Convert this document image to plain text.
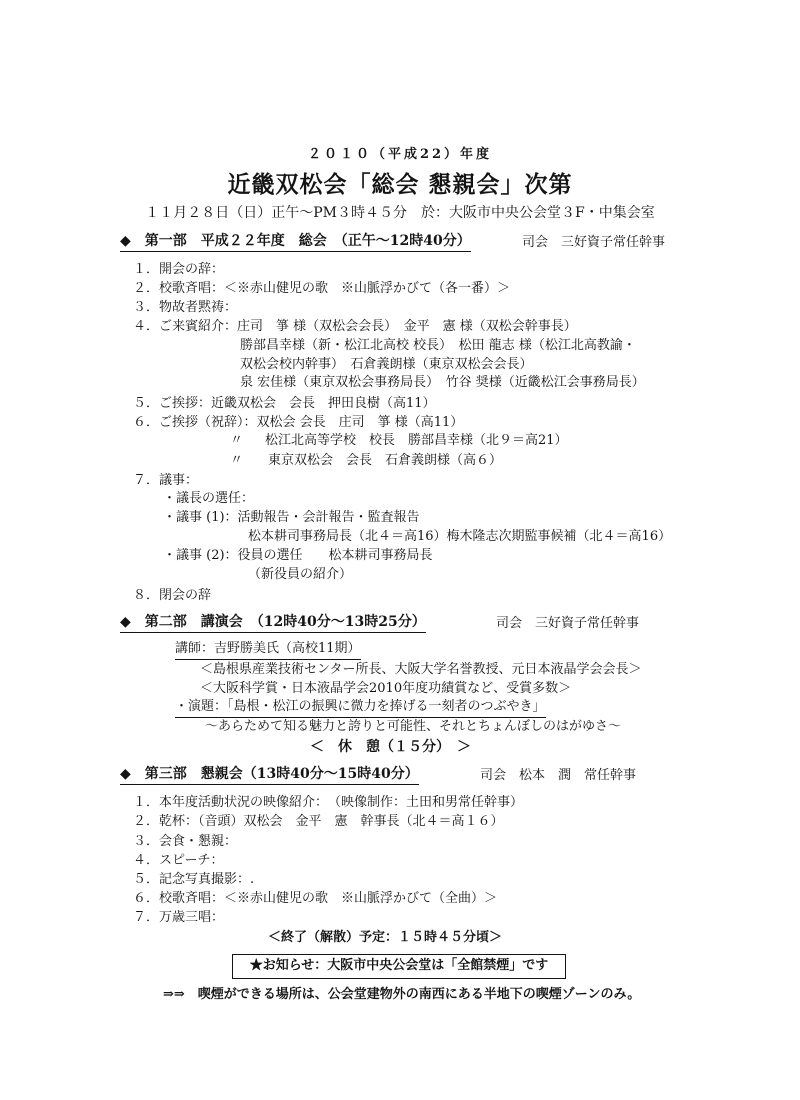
２０１０（平成22）年度
近畿双松会「総会 懇親会」次第
１１月２８日（日）正午～PM３時４５分　於：大阪市中央公会堂３F・中集会室
◆　第一部　平成２２年度　総会　（正午～12時40分）	司会　三好資子常任幹事
１．開会の辞：
２．校歌斉唱：＜※赤山健児の歌　※山脈浮かびて（各一番）＞
３．物故者黙祷：
４．ご来賓紹介：庄司　箏 様（双松会会長）　金平　憲 様（双松会幹事長）
勝部昌幸様（新・松江北高校 校長）　松田 龍志 様（松江北高教諭・
双松会校内幹事）　石倉義朗様（東京双松会会長）
泉 宏佳様（東京双松会事務局長）　竹谷 奨様（近畿松江会事務局長）
５．ご挨拶：近畿双松会　会長　押田良樹（高11）
６．ご挨拶（祝辞）：双松会 会長　庄司　箏 様（高11）
〃 松江北高等学校　校長　勝部昌幸様（北９＝高21）
〃 東京双松会　会長　石倉義朗様（高６）
７．議事：
・議長の選任：
・議事 (1)：活動報告・会計報告・監査報告
松本耕司事務局長（北４＝高16）梅木隆志次期監事候補（北４＝高16）
・議事 (2)：役員の選任　　松本耕司事務局長
（新役員の紹介）
８．閉会の辞
◆　第二部　講演会　（12時40分～13時25分）	司会　三好資子常任幹事
講師：吉野勝美氏（高校11期）
＜島根県産業技術センター所長、大阪大学名誉教授、元日本液晶学会会長＞
＜大阪科学賞・日本液晶学会2010年度功績賞など、受賞多数＞
・演題：「島根・松江の振興に微力を捧げる一刻者のつぶやき」
～あらためて知る魅力と誇りと可能性、それとちょんぼしのはがゆさ～
＜　休　憩（１５分）　＞
◆　第三部　懇親会（13時40分～15時40分）	司会　松本　潤　常任幹事
１．本年度活動状況の映像紹介：　（映像制作：土田和男常任幹事）
２．乾杯：（音頭）双松会　金平　憲　幹事長（北４＝高１６）
３．会食・懇親：
４．スピーチ：
５．記念写真撮影：.
６．校歌斉唱：＜※赤山健児の歌　※山脈浮かびて（全曲）＞
７．万歳三唱：
＜終了（解散）予定：１５時４５分頃＞
★お知らせ：大阪市中央公会堂は「全館禁煙」です
⇒⇒　喫煙ができる場所は、公会堂建物外の南西にある半地下の喫煙ゾーンのみ。
